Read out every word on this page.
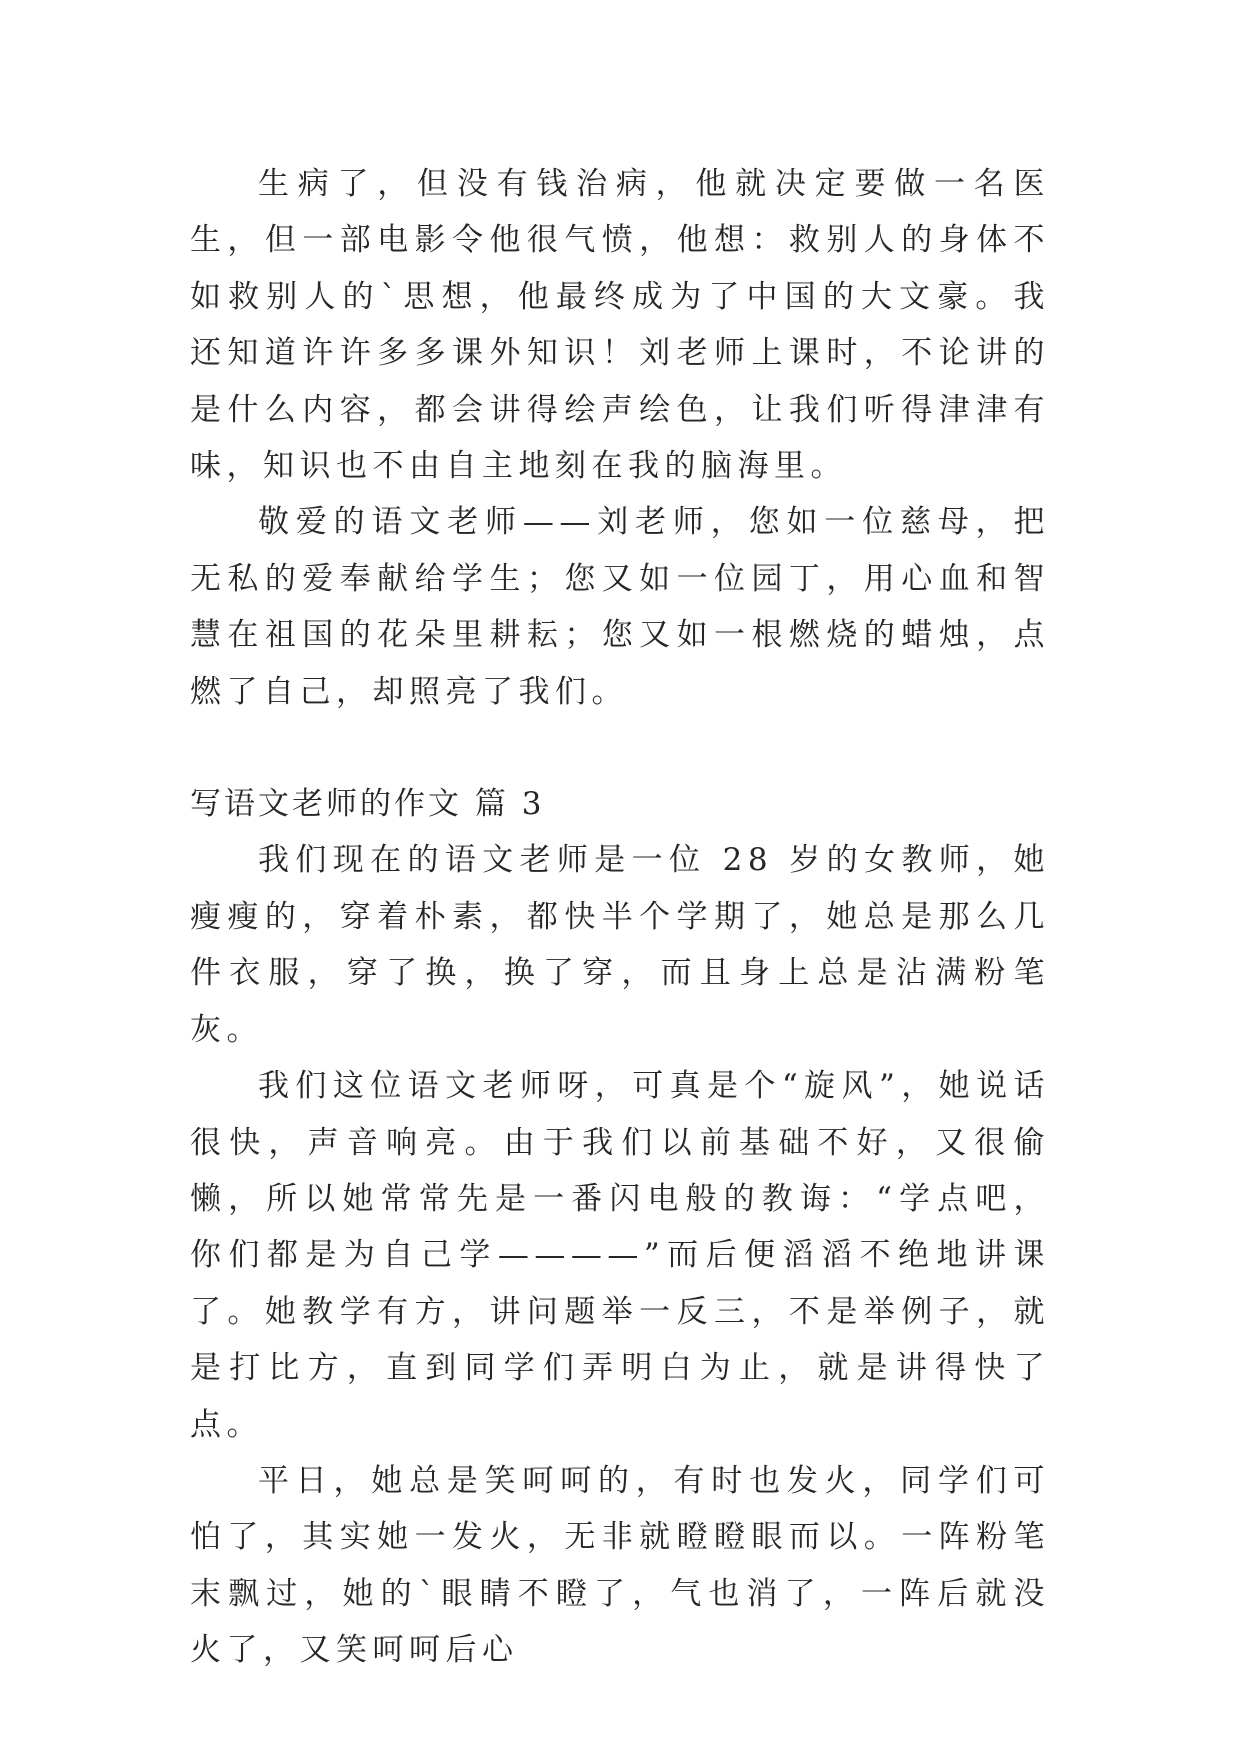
生病了，但没有钱治病，他就决定要做一名医生，但一部电影令他很气愤，他想：救别人的身体不如救别人的`思想，他最终成为了中国的大文豪。我还知道许许多多课外知识！刘老师上课时，不论讲的是什么内容，都会讲得绘声绘色，让我们听得津津有味，知识也不由自主地刻在我的脑海里。

敬爱的语文老师——刘老师，您如一位慈母，把无私的爱奉献给学生；您又如一位园丁，用心血和智慧在祖国的花朵里耕耘；您又如一根燃烧的蜡烛，点燃了自己，却照亮了我们。

写语文老师的作文 篇 3

我们现在的语文老师是一位 28 岁的女教师，她瘦瘦的，穿着朴素，都快半个学期了，她总是那么几件衣服，穿了换，换了穿，而且身上总是沾满粉笔灰。

我们这位语文老师呀，可真是个“旋风”，她说话很快，声音响亮。由于我们以前基础不好，又很偷懒，所以她常常先是一番闪电般的教诲：“学点吧，你们都是为自己学————”而后便滔滔不绝地讲课了。她教学有方，讲问题举一反三，不是举例子，就是打比方，直到同学们弄明白为止，就是讲得快了点。

平日，她总是笑呵呵的，有时也发火，同学们可怕了，其实她一发火，无非就瞪瞪眼而以。一阵粉笔末飘过，她的`眼睛不瞪了，气也消了，一阵后就没火了，又笑呵呵后心
